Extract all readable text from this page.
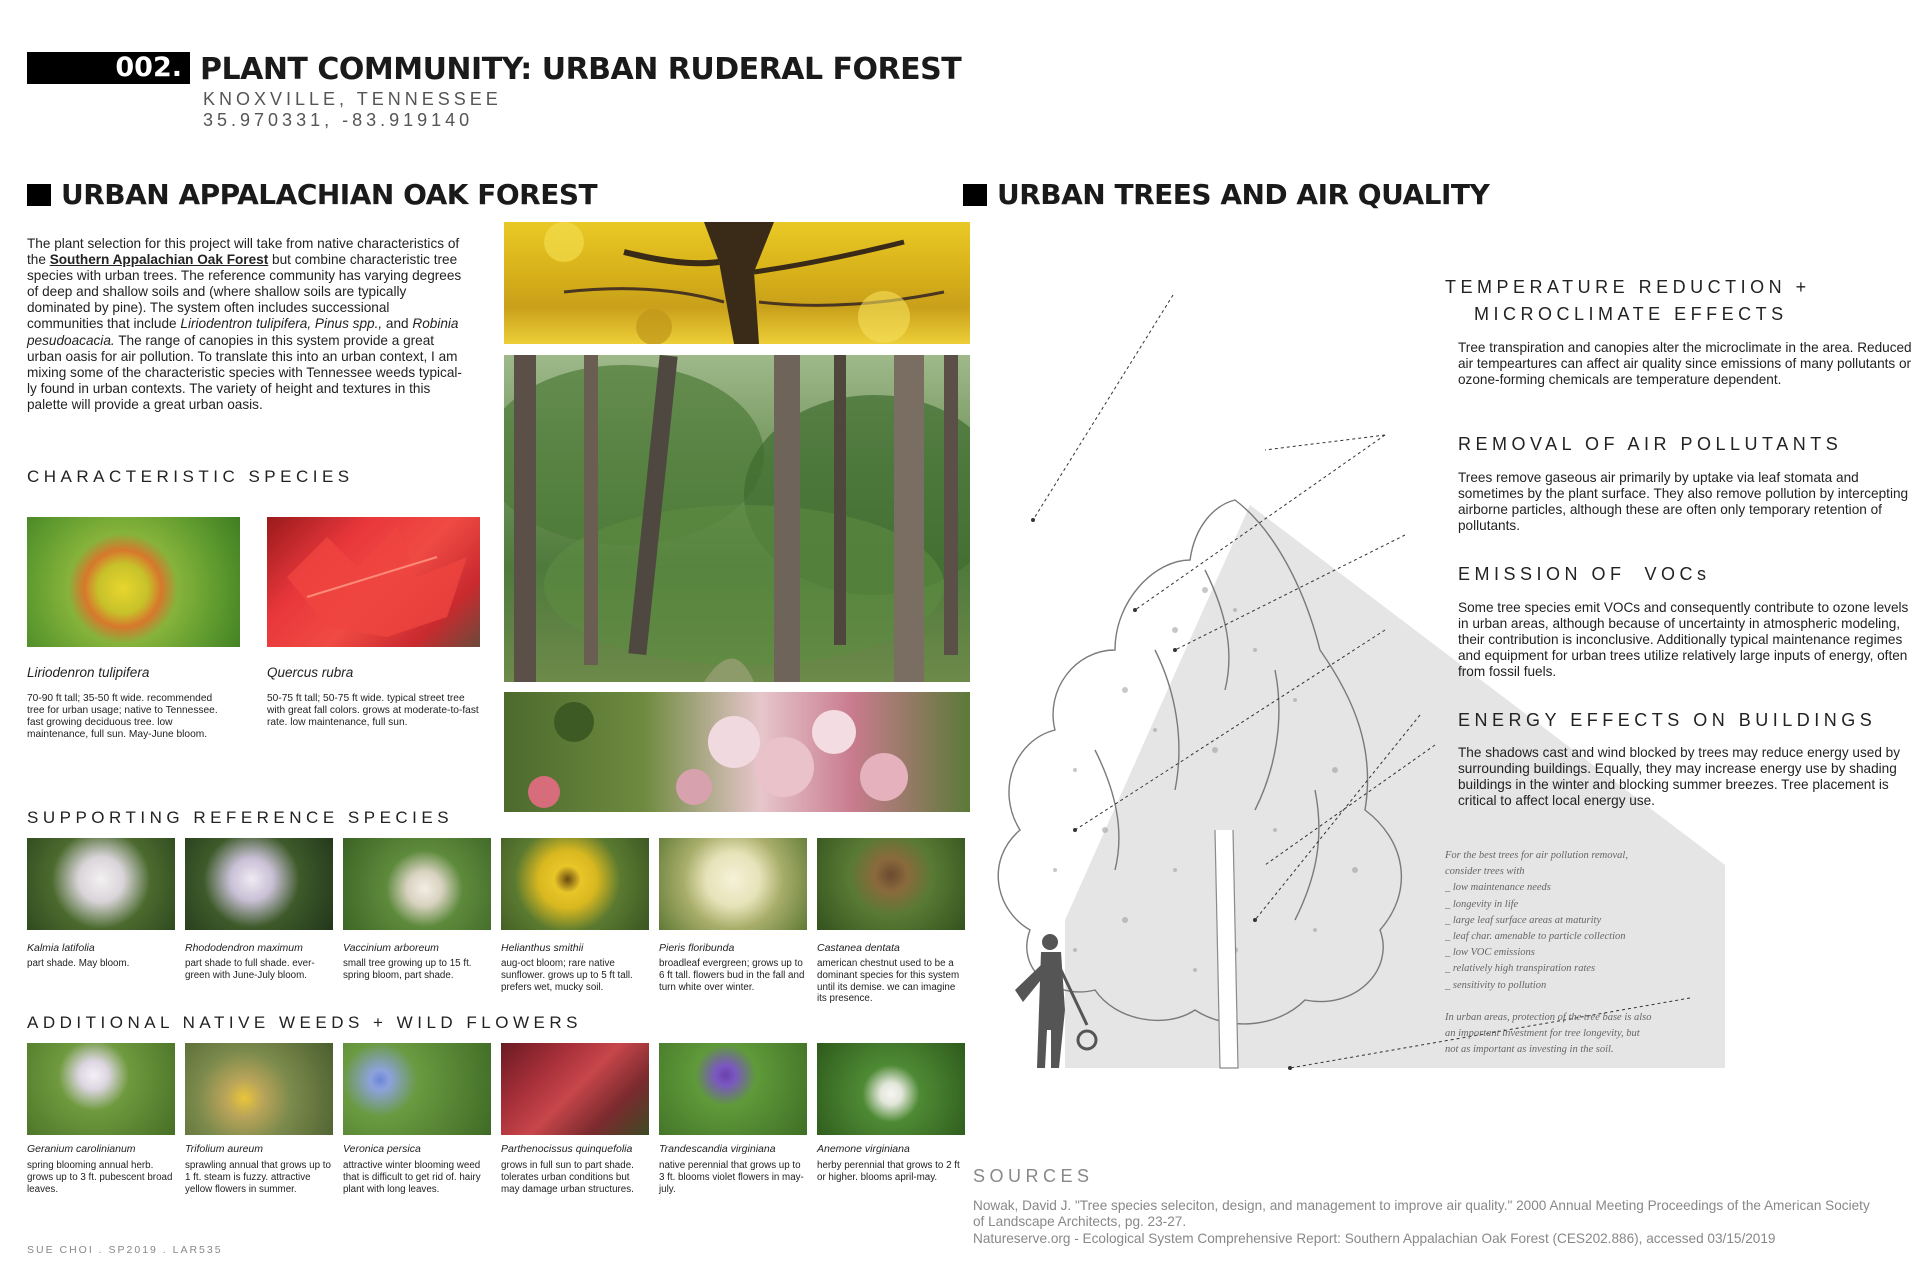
002. PLANT COMMUNITY: URBAN RUDERAL FOREST
KNOXVILLE, TENNESSEE
35.970331, -83.919140
URBAN APPALACHIAN OAK FOREST
The plant selection for this project will take from native characteristics of the Southern Appalachian Oak Forest but combine characteristic tree species with urban trees. The reference community has varying degrees of deep and shallow soils and (where shallow soils are typically dominated by pine). The system often includes successional communities that include Liriodentron tulipifera, Pinus spp., and Robinia pesudoacacia. The range of canopies in this system provide a great urban oasis for air pollution. To translate this into an urban context, I am mixing some of the characteristic species with Tennessee weeds typically found in urban contexts. The variety of height and textures in this palette will provide a great urban oasis.
CHARACTERISTIC SPECIES
Liriodenron tulipifera
70-90 ft tall; 35-50 ft wide. recommended tree for urban usage; native to Tennessee. fast growing deciduous tree. low maintenance, full sun. May-June bloom.
Quercus rubra
50-75 ft tall; 50-75 ft wide. typical street tree with great fall colors. grows at moderate-to-fast rate. low maintenance, full sun.
SUPPORTING REFERENCE SPECIES
Kalmia latifolia
part shade. May bloom.
Rhododendron maximum
part shade to full shade. evergreen with June-July bloom.
Vaccinium arboreum
small tree growing up to 15 ft. spring bloom, part shade.
Helianthus smithii
aug-oct bloom; rare native sunflower. grows up to 5 ft tall. prefers wet, mucky soil.
Pieris floribunda
broadleaf evergreen; grows up to 6 ft tall. flowers bud in the fall and turn white over winter.
Castanea dentata
american chestnut used to be a dominant species for this system until its demise. we can imagine its presence.
ADDITIONAL NATIVE WEEDS + WILD FLOWERS
Geranium carolinianum
spring blooming annual herb. grows up to 3 ft. pubescent broad leaves.
Trifolium aureum
sprawling annual that grows up to 1 ft. steam is fuzzy. attractive yellow flowers in summer.
Veronica persica
attractive winter blooming weed that is difficult to get rid of. hairy plant with long leaves.
Parthenocissus quinquefolia
grows in full sun to part shade. tolerates urban conditions but may damage urban structures.
Trandescandia virginiana
native perennial that grows up to 3 ft. blooms violet flowers in may-july.
Anemone virginiana
herby perennial that grows to 2 ft or higher. blooms april-may.
URBAN TREES AND AIR QUALITY
TEMPERATURE REDUCTION +
MICROCLIMATE EFFECTS
Tree transpiration and canopies alter the microclimate in the area. Reduced air tempeartures can affect air quality since emissions of many pollutants or ozone-forming chemicals are temperature dependent.
REMOVAL OF AIR POLLUTANTS
Trees remove gaseous air primarily by uptake via leaf stomata and sometimes by the plant surface. They also remove pollution by intercepting airborne particles, although these are often only temporary retention of pollutants.
EMISSION OF  VOCs
Some tree species emit VOCs and consequently contribute to ozone levels in urban areas, although because of uncertainty in atmospheric modeling, their contribution is inconclusive. Additionally typical maintenance regimes and equipment for urban trees utilize relatively large inputs of energy, often from fossil fuels.
ENERGY EFFECTS ON BUILDINGS
The shadows cast and wind blocked by trees may reduce energy used by surrounding buildings. Equally, they may increase energy use by shading buildings in the winter and blocking summer breezes. Tree placement is critical to affect local energy use.
For the best trees for air pollution removal,
consider trees with
_ low maintenance needs
_ longevity in life
_ large leaf surface areas at maturity
_ leaf char. amenable to particle collection
_ low VOC emissions
_ relatively high transpiration rates
_ sensitivity to pollution
In urban areas, protection of the tree base is also
an important investment for tree longevity, but
not as important as investing in the soil.
SOURCES
Nowak, David J. "Tree species seleciton, design, and management to improve air quality." 2000 Annual Meeting Proceedings of the American Society of Landscape Architects, pg. 23-27.
Natureserve.org - Ecological System Comprehensive Report: Southern Appalachian Oak Forest (CES202.886), accessed 03/15/2019
SUE CHOI . SP2019 . LAR535
